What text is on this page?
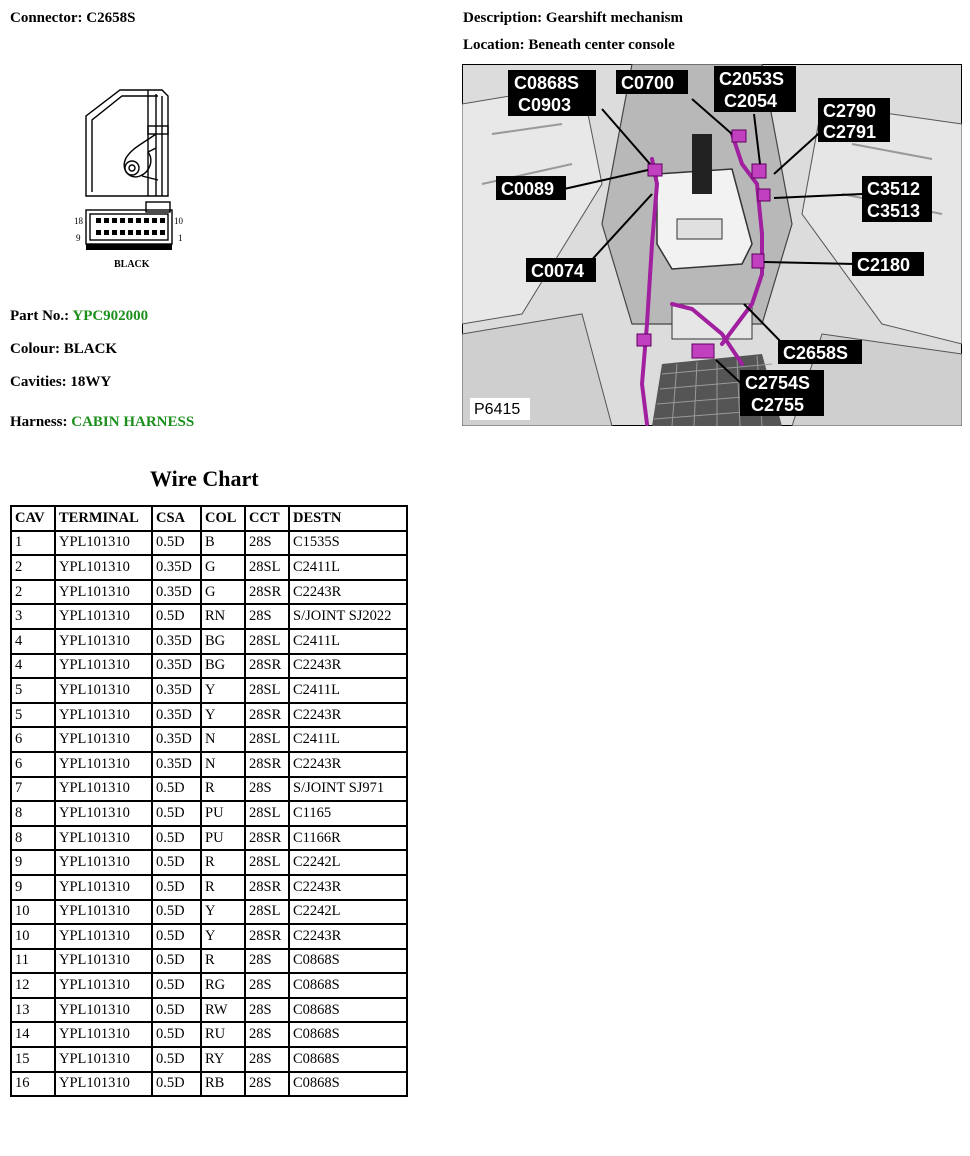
Connector: C2658S	Description: Gearshift mechanism
Location: Beneath center console
18	10
9	1
BLACK
Part No.: YPC902000
Colour: BLACK
Cavities: 18WY
Harness: CABIN HARNESS
C0868S
C0903
C0700 C2053S
C2054	C2790
C2791
C0089	C3512
C3513
C0074	C2180
C2658S
C2754S
C2755
P6415
Wire Chart
CAV	TERMINAL	CSA	COL	CCT	DESTN
1	YPL101310	0.5D	B	28S	C1535S
2	YPL101310	0.35D	G	28SL	C2411L
2	YPL101310	0.35D	G	28SR	C2243R
3	YPL101310	0.5D	RN	28S	S/JOINT SJ2022
4	YPL101310	0.35D	BG	28SL	C2411L
4	YPL101310	0.35D	BG	28SR	C2243R
5	YPL101310	0.35D	Y	28SL	C2411L
5	YPL101310	0.35D	Y	28SR	C2243R
6	YPL101310	0.35D	N	28SL	C2411L
6	YPL101310	0.35D	N	28SR	C2243R
7	YPL101310	0.5D	R	28S	S/JOINT SJ971
8	YPL101310	0.5D	PU	28SL	C1165
8	YPL101310	0.5D	PU	28SR	C1166R
9	YPL101310	0.5D	R	28SL	C2242L
9	YPL101310	0.5D	R	28SR	C2243R
10	YPL101310	0.5D	Y	28SL	C2242L
10	YPL101310	0.5D	Y	28SR	C2243R
11	YPL101310	0.5D	R	28S	C0868S
12	YPL101310	0.5D	RG	28S	C0868S
13	YPL101310	0.5D	RW	28S	C0868S
14	YPL101310	0.5D	RU	28S	C0868S
15	YPL101310	0.5D	RY	28S	C0868S
16	YPL101310	0.5D	RB	28S	C0868S
